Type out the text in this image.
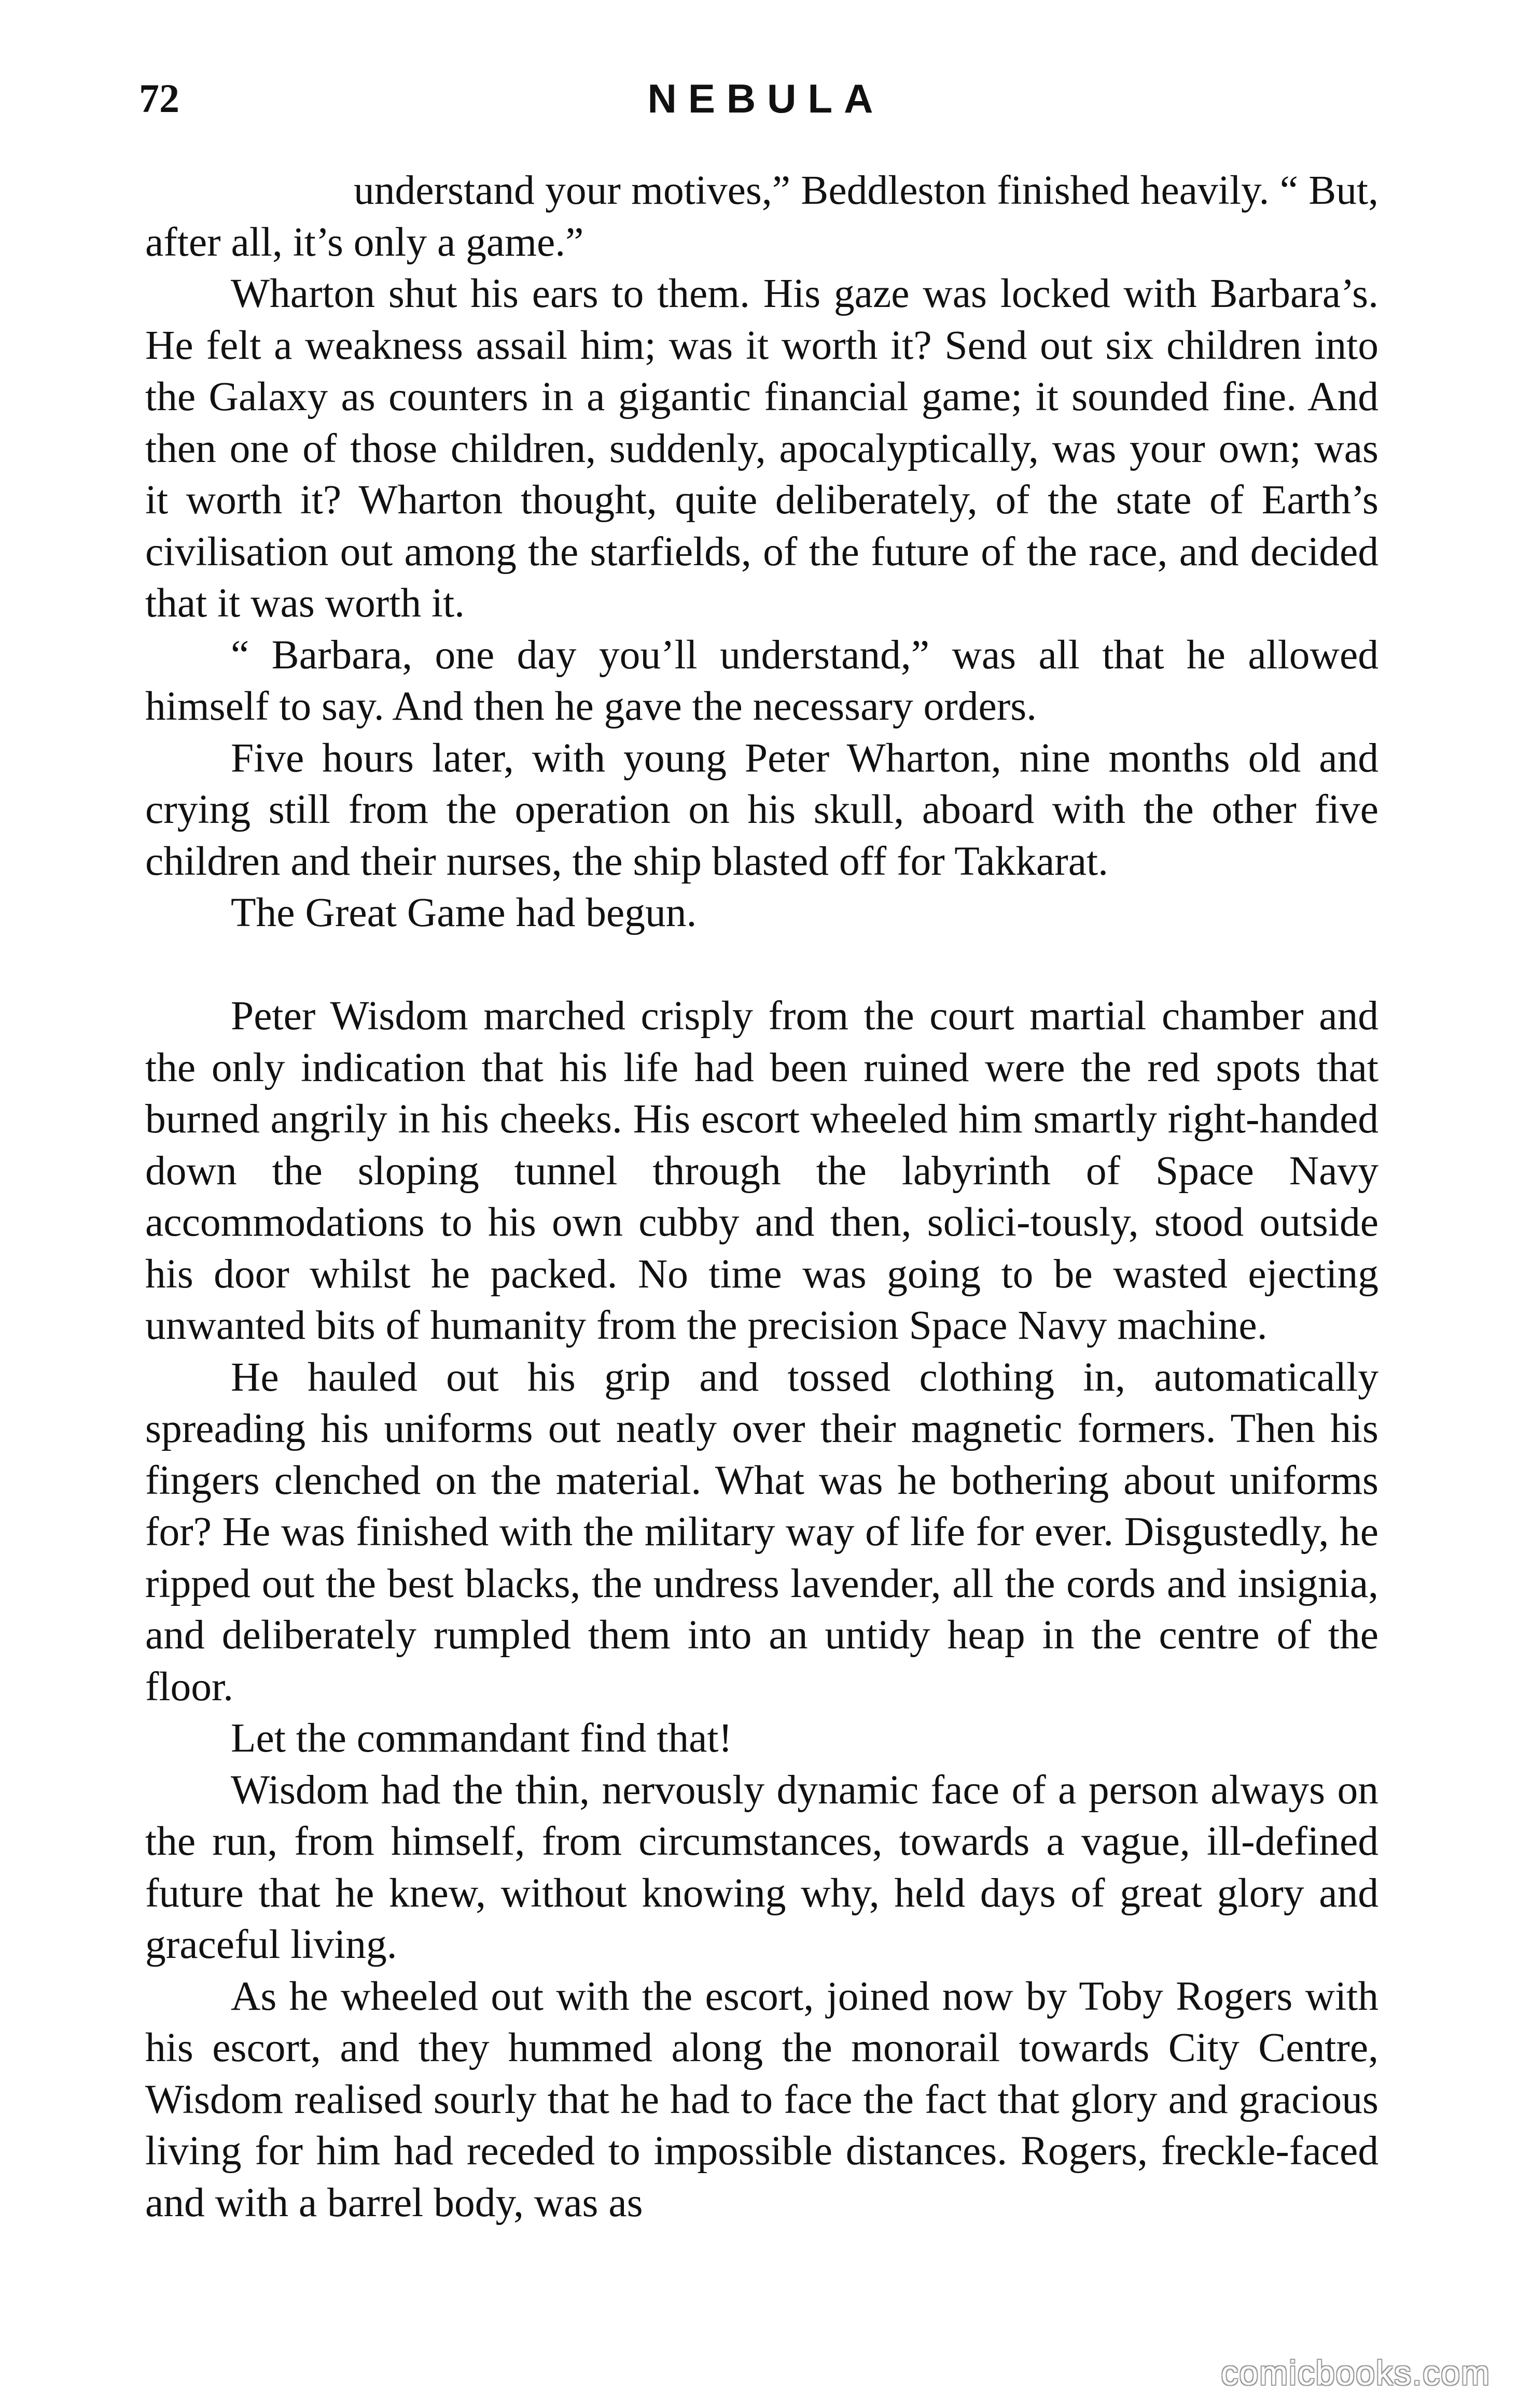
72	NEBULA

understand your motives,” Beddleston finished heavily. “ But, after all, it’s only a game.”

Wharton shut his ears to them. His gaze was locked with Barbara’s. He felt a weakness assail him; was it worth it? Send out six children into the Galaxy as counters in a gigantic financial game; it sounded fine. And then one of those children, suddenly, apocalyptically, was your own; was it worth it? Wharton thought, quite deliberately, of the state of Earth’s civilisation out among the starfields, of the future of the race, and decided that it was worth it.

“ Barbara, one day you’ll understand,” was all that he allowed himself to say. And then he gave the necessary orders.

Five hours later, with young Peter Wharton, nine months old and crying still from the operation on his skull, aboard with the other five children and their nurses, the ship blasted off for Takkarat.

The Great Game had begun.

Peter Wisdom marched crisply from the court martial chamber and the only indication that his life had been ruined were the red spots that burned angrily in his cheeks. His escort wheeled him smartly right-handed down the sloping tunnel through the labyrinth of Space Navy accommodations to his own cubby and then, solici-tously, stood outside his door whilst he packed. No time was going to be wasted ejecting unwanted bits of humanity from the precision Space Navy machine.

He hauled out his grip and tossed clothing in, automatically spreading his uniforms out neatly over their magnetic formers. Then his fingers clenched on the material. What was he bothering about uniforms for? He was finished with the military way of life for ever. Disgustedly, he ripped out the best blacks, the undress lavender, all the cords and insignia, and deliberately rumpled them into an untidy heap in the centre of the floor.

Let the commandant find that!

Wisdom had the thin, nervously dynamic face of a person always on the run, from himself, from circumstances, towards a vague, ill-defined future that he knew, without knowing why, held days of great glory and graceful living.

As he wheeled out with the escort, joined now by Toby Rogers with his escort, and they hummed along the monorail towards City Centre, Wisdom realised sourly that he had to face the fact that glory and gracious living for him had receded to impossible distances. Rogers, freckle-faced and with a barrel body, was as

comicbooks.com
